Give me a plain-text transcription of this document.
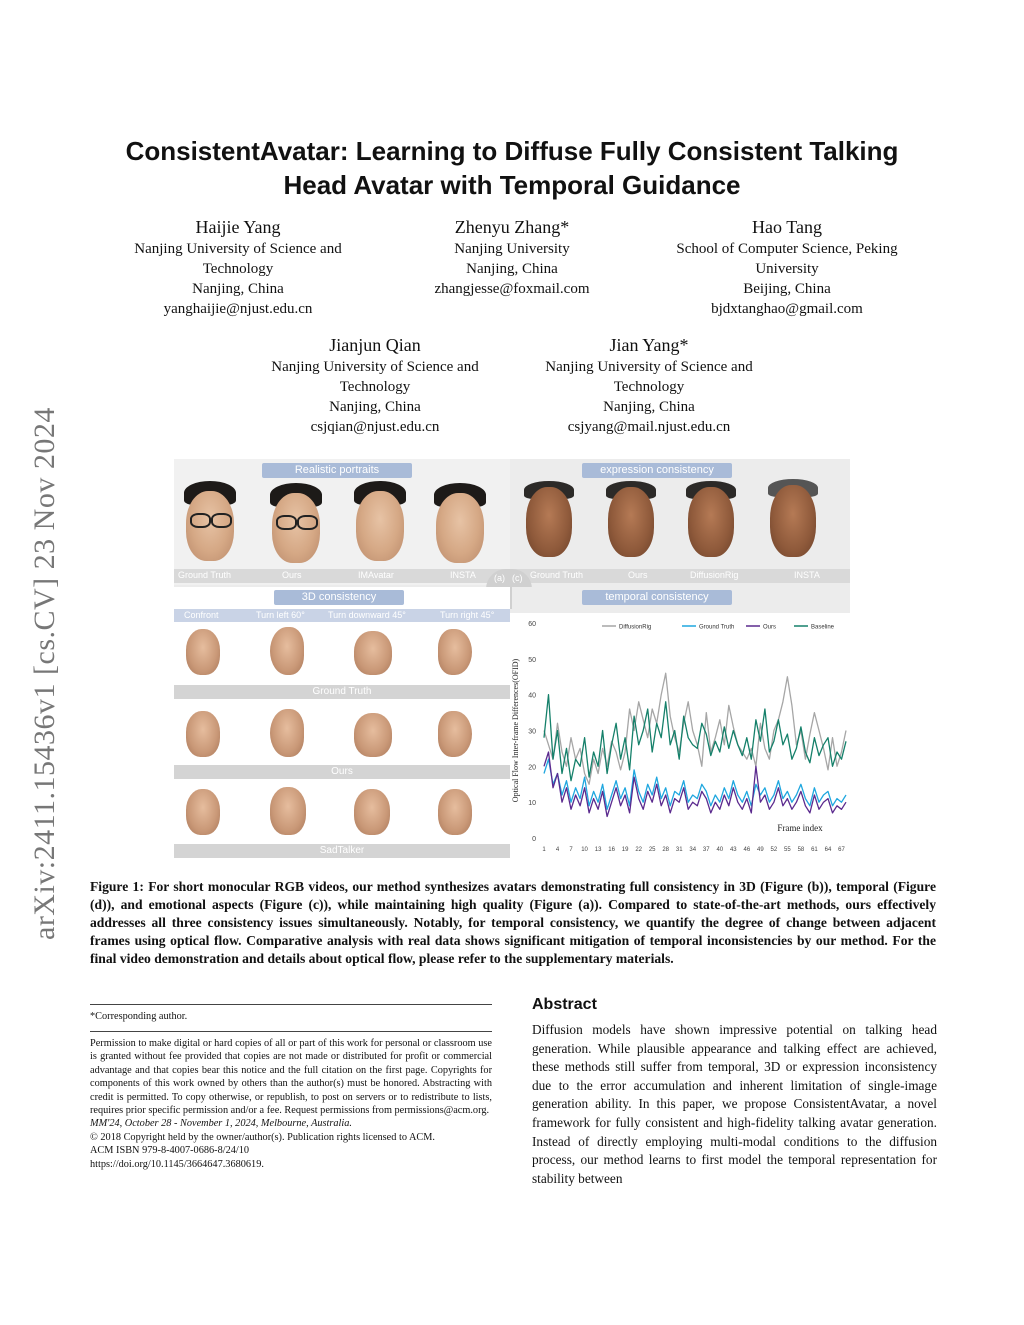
arXiv:2411.15436v1 [cs.CV] 23 Nov 2024
ConsistentAvatar: Learning to Diffuse Fully Consistent Talking
Head Avatar with Temporal Guidance
Haijie Yang
Nanjing University of Science and
Technology
Nanjing, China
yanghaijie@njust.edu.cn
Zhenyu Zhang*
Nanjing University
Nanjing, China
zhangjesse@foxmail.com
Hao Tang
School of Computer Science, Peking
University
Beijing, China
bjdxtanghao@gmail.com
Jianjun Qian
Nanjing University of Science and
Technology
Nanjing, China
csjqian@njust.edu.cn
Jian Yang*
Nanjing University of Science and
Technology
Nanjing, China
csjyang@mail.njust.edu.cn
Realistic portraits
Ground Truth	Ours	IMAvatar	INSTA
expression consistency
Ground Truth	Ours	DiffusionRig	INSTA
(a) (c)
3D consistency
Confront	Turn left 60°	Turn downward 45°	Turn right 45°
Ground Truth
Ours
SadTalker
temporal consistency
0
10
20
30
40
50
60
1 4 7 10 13 16 19 22 25 28 31 34 37 40 43 46 49 52 55 58 61 64 67
Optical Flow Inter-frame Differences(OFID)
Frame index
DiffusionRig	Ground Truth	Ours	Baseline
Figure 1: For short monocular RGB videos, our method synthesizes avatars demonstrating full consistency in 3D (Figure (b)), temporal (Figure (d)), and emotional aspects (Figure (c)), while maintaining high quality (Figure (a)). Compared to state-of-the-art methods, ours effectively addresses all three consistency issues simultaneously. Notably, for temporal consistency, we quantify the degree of change between adjacent frames using optical flow. Comparative analysis with real data shows significant mitigation of temporal inconsistencies by our method. For the final video demonstration and details about optical flow, please refer to the supplementary materials.
*Corresponding author.
Permission to make digital or hard copies of all or part of this work for personal or classroom use is granted without fee provided that copies are not made or distributed for profit or commercial advantage and that copies bear this notice and the full citation on the first page. Copyrights for components of this work owned by others than the author(s) must be honored. Abstracting with credit is permitted. To copy otherwise, or republish, to post on servers or to redistribute to lists, requires prior specific permission and/or a fee. Request permissions from permissions@acm.org.
MM'24, October 28 - November 1, 2024, Melbourne, Australia.
© 2018 Copyright held by the owner/author(s). Publication rights licensed to ACM.
ACM ISBN 979-8-4007-0686-8/24/10
https://doi.org/10.1145/3664647.3680619.
Abstract
Diffusion models have shown impressive potential on talking head generation. While plausible appearance and talking effect are achieved, these methods still suffer from temporal, 3D or expression inconsistency due to the error accumulation and inherent limitation of single-image generation ability. In this paper, we propose ConsistentAvatar, a novel framework for fully consistent and high-fidelity talking avatar generation. Instead of directly employing multi-modal conditions to the diffusion process, our method learns to first model the temporal representation for stability between
